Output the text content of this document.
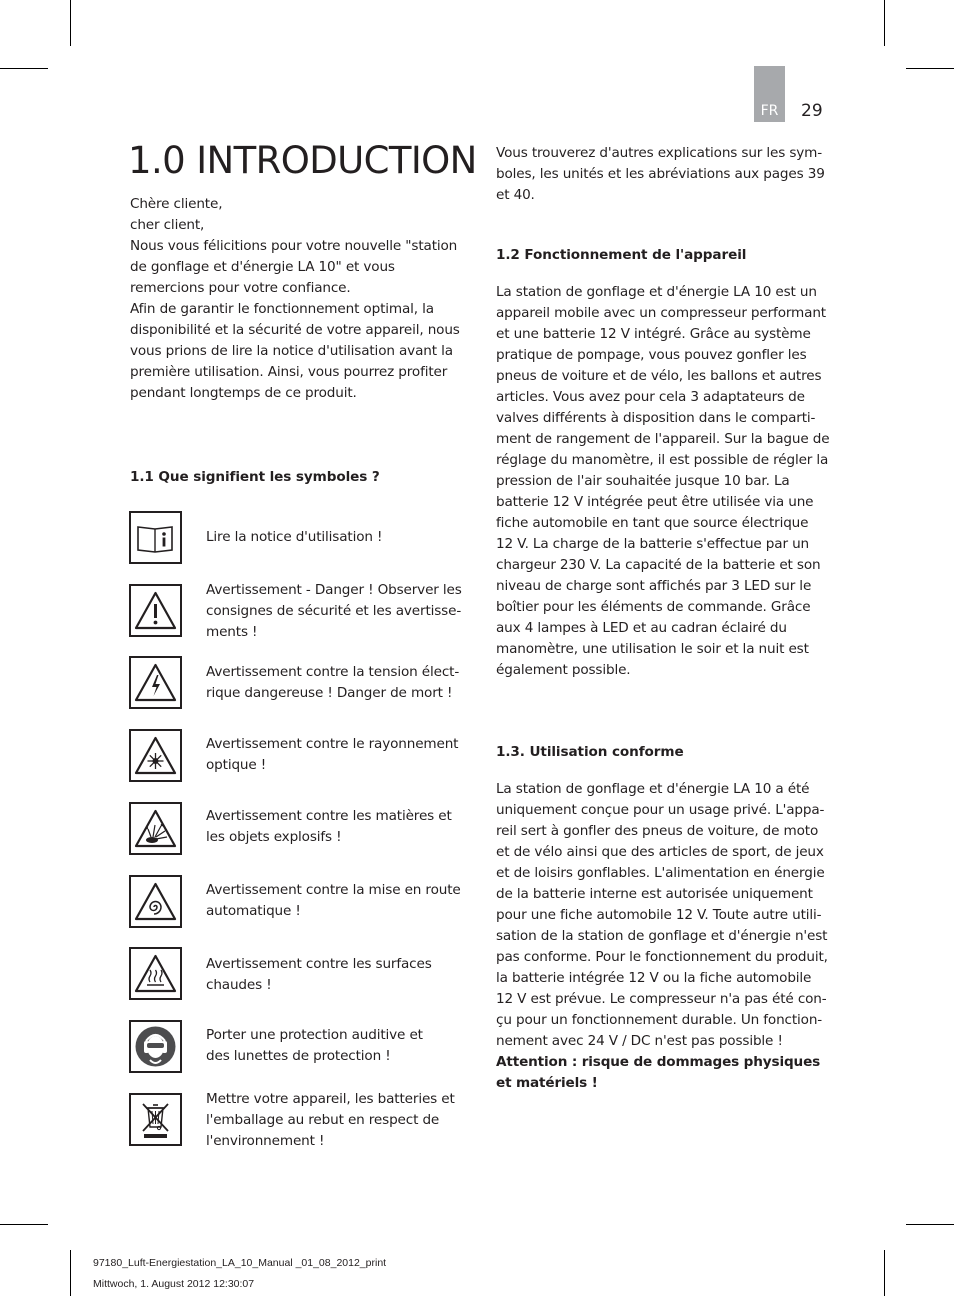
FR	29
1.0 INTRODUCTION
Chère cliente,
cher client,
Nous vous félicitions pour votre nouvelle "station
de gonflage et d'énergie LA 10" et vous
remercions pour votre confiance.
Afin de garantir le fonctionnement optimal, la
disponibilité et la sécurité de votre appareil, nous
vous prions de lire la notice d'utilisation avant la
première utilisation. Ainsi, vous pourrez profiter
pendant longtemps de ce produit.
1.1 Que signifient les symboles ?
Lire la notice d'utilisation !
Avertissement - Danger ! Observer les
consignes de sécurité et les avertisse-
ments !
Avertissement contre la tension élect-
rique dangereuse ! Danger de mort !
Avertissement contre le rayonnement
optique !
Avertissement contre les matières et
les objets explosifs !
Avertissement contre la mise en route
automatique !
Avertissement contre les surfaces
chaudes !
Porter une protection auditive et
des lunettes de protection !
Mettre votre appareil, les batteries et
l'emballage au rebut en respect de
l'environnement !
Vous trouverez d'autres explications sur les sym-
boles, les unités et les abréviations aux pages 39
et 40.
1.2 Fonctionnement de l'appareil
La station de gonflage et d'énergie LA 10 est un
appareil mobile avec un compresseur performant
et une batterie 12 V intégré. Grâce au système
pratique de pompage, vous pouvez gonfler les
pneus de voiture et de vélo, les ballons et autres
articles. Vous avez pour cela 3 adaptateurs de
valves différents à disposition dans le comparti-
ment de rangement de l'appareil. Sur la bague de
réglage du manomètre, il est possible de régler la
pression de l'air souhaitée jusque 10 bar. La
batterie 12 V intégrée peut être utilisée via une
fiche automobile en tant que source électrique
12 V. La charge de la batterie s'effectue par un
chargeur 230 V. La capacité de la batterie et son
niveau de charge sont affichés par 3 LED sur le
boîtier pour les éléments de commande. Grâce
aux 4 lampes à LED et au cadran éclairé du
manomètre, une utilisation le soir et la nuit est
également possible.
1.3. Utilisation conforme
La station de gonflage et d'énergie LA 10 a été
uniquement conçue pour un usage privé. L'appa-
reil sert à gonfler des pneus de voiture, de moto
et de vélo ainsi que des articles de sport, de jeux
et de loisirs gonflables. L'alimentation en énergie
de la batterie interne est autorisée uniquement
pour une fiche automobile 12 V. Toute autre utili-
sation de la station de gonflage et d'énergie n'est
pas conforme. Pour le fonctionnement du produit,
la batterie intégrée 12 V ou la fiche automobile
12 V est prévue. Le compresseur n'a pas été con-
çu pour un fonctionnement durable. Un fonction-
nement avec 24 V / DC n'est pas possible !
Attention : risque de dommages physiques
et matériels !
97180_Luft-Energiestation_LA_10_Manual _01_08_2012_print
Mittwoch, 1. August 2012 12:30:07
